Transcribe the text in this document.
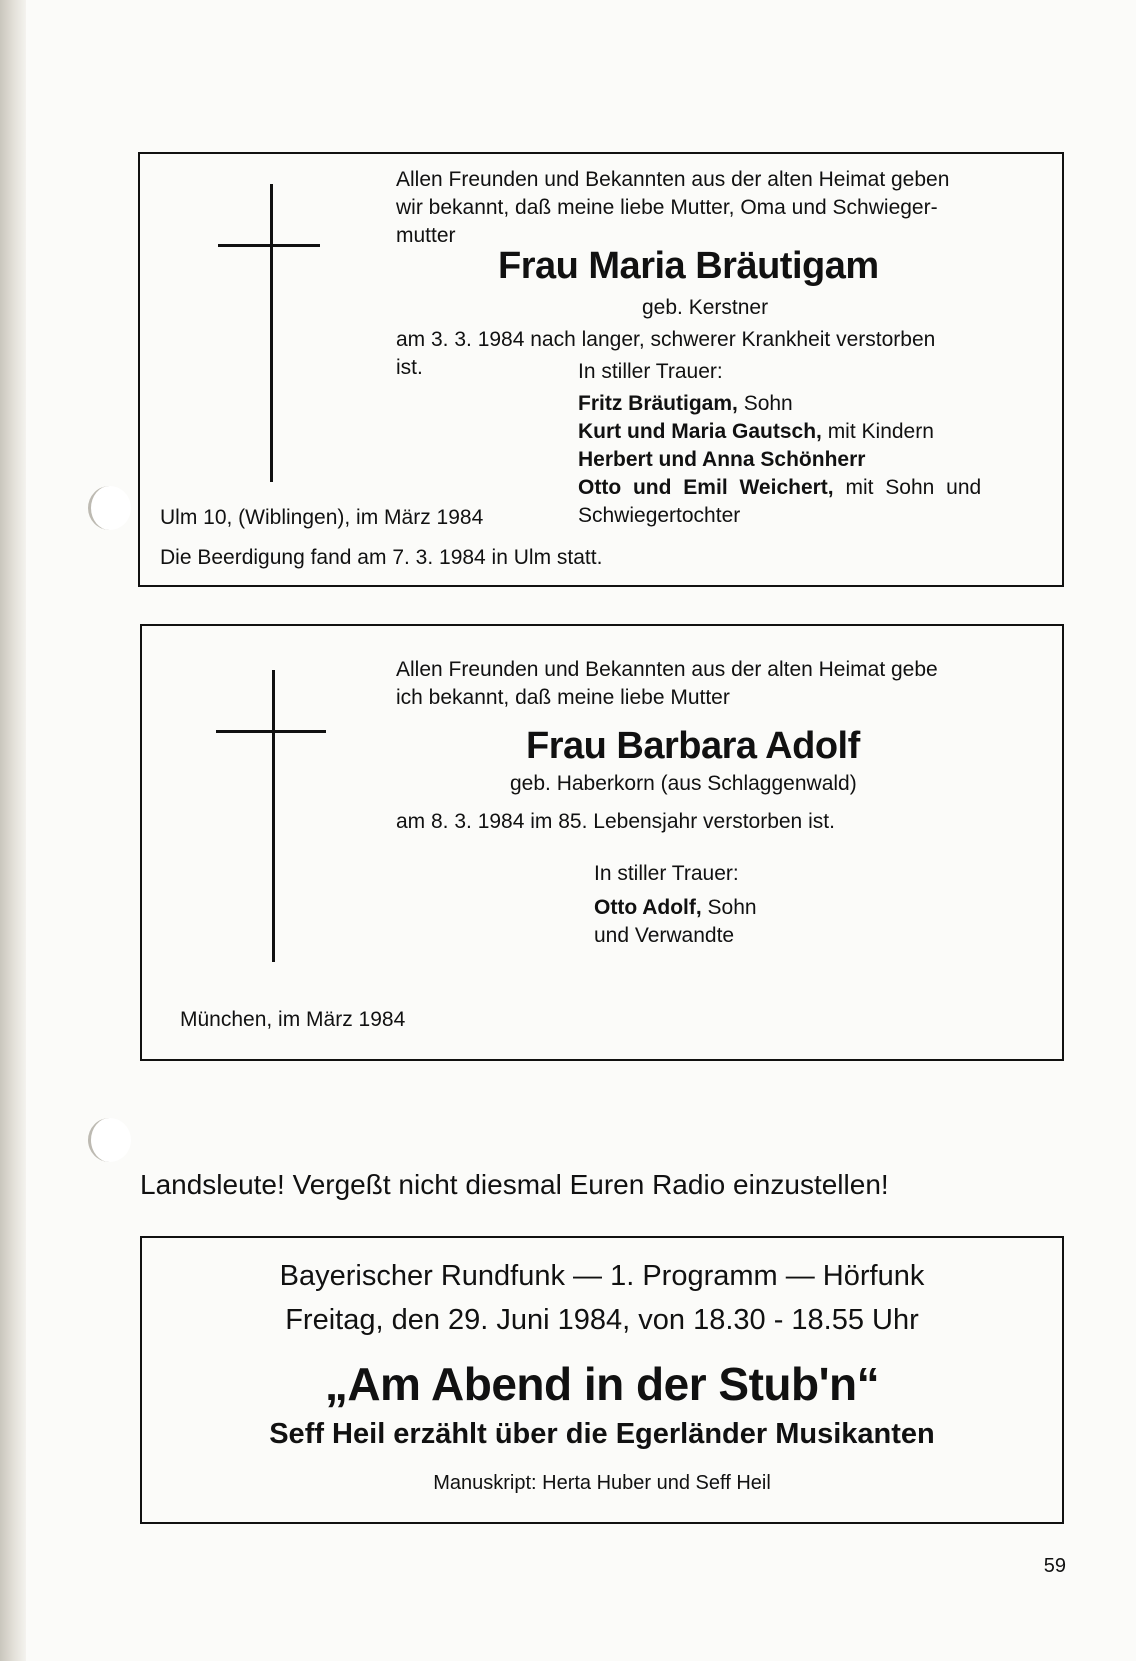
Allen Freunden und Bekannten aus der alten Heimat geben
wir bekannt, daß meine liebe Mutter, Oma und Schwieger-
mutter
Frau Maria Bräutigam
geb. Kerstner
am 3. 3. 1984 nach langer, schwerer Krankheit verstorben
ist.	In stiller Trauer:
Fritz Bräutigam, Sohn
Kurt und Maria Gautsch, mit Kindern
Herbert und Anna Schönherr
Otto und Emil Weichert, mit Sohn und
Schwiegertochter
Ulm 10, (Wiblingen), im März 1984
Die Beerdigung fand am 7. 3. 1984 in Ulm statt.
Allen Freunden und Bekannten aus der alten Heimat gebe
ich bekannt, daß meine liebe Mutter
Frau Barbara Adolf
geb. Haberkorn (aus Schlaggenwald)
am 8. 3. 1984 im 85. Lebensjahr verstorben ist.
In stiller Trauer:
Otto Adolf, Sohn
und Verwandte
München, im März 1984
Landsleute! Vergeßt nicht diesmal Euren Radio einzustellen!
Bayerischer Rundfunk — 1. Programm — Hörfunk
Freitag, den 29. Juni 1984, von 18.30 - 18.55 Uhr
„Am Abend in der Stub'n“
Seff Heil erzählt über die Egerländer Musikanten
Manuskript: Herta Huber und Seff Heil
59
